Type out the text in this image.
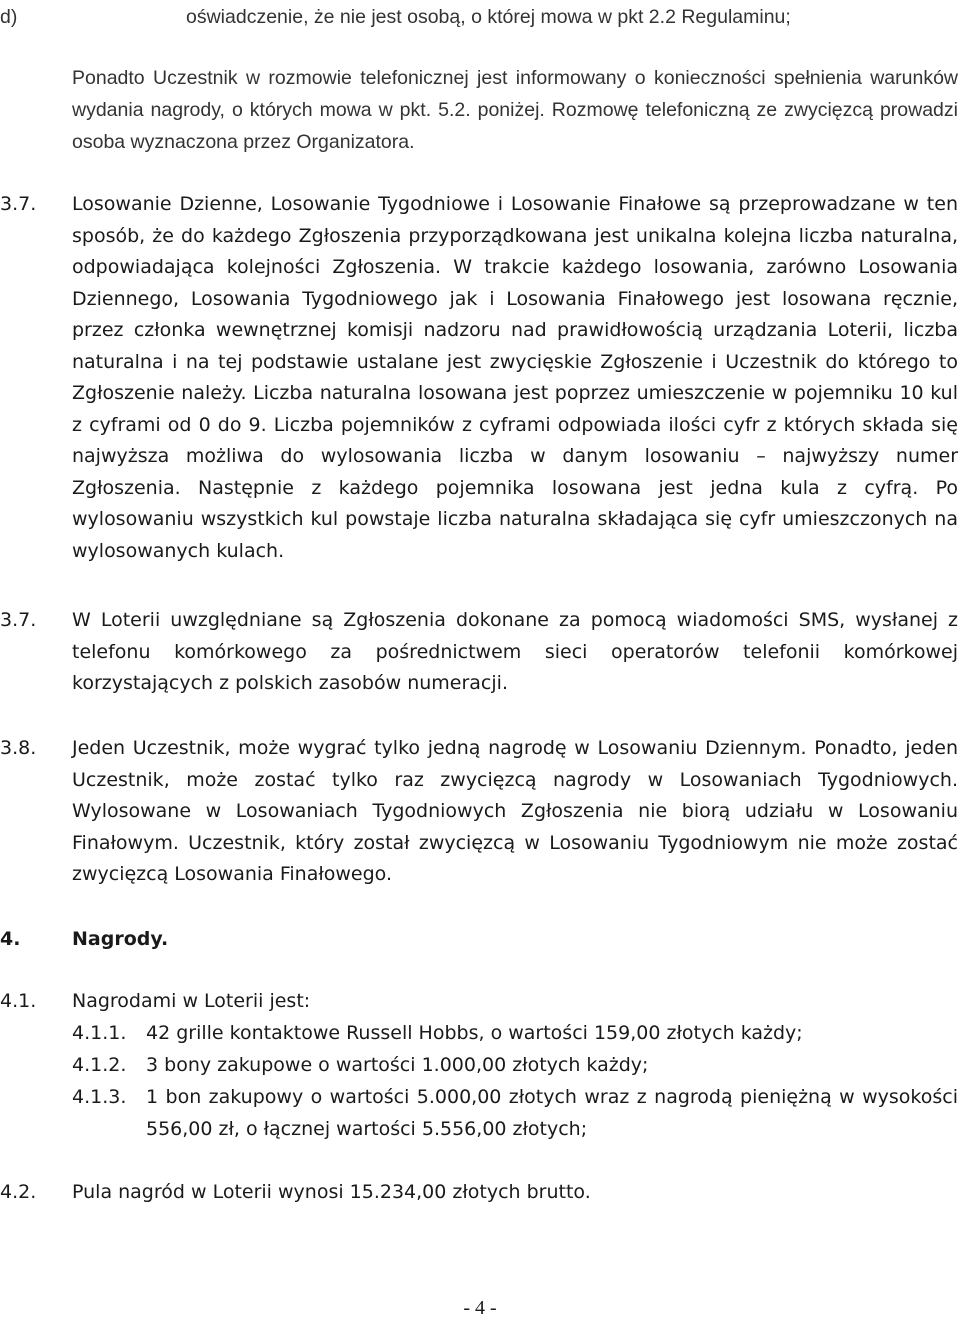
d)	oświadczenie, że nie jest osobą, o której mowa w pkt 2.2 Regulaminu;

Ponadto Uczestnik w rozmowie telefonicznej jest informowany o konieczności spełnienia warunków wydania nagrody, o których mowa w pkt. 5.2. poniżej. Rozmowę telefoniczną ze zwycięzcą prowadzi osoba wyznaczona przez Organizatora.

3.7. Losowanie Dzienne, Losowanie Tygodniowe i Losowanie Finałowe są przeprowadzane w ten sposób, że do każdego Zgłoszenia przyporządkowana jest unikalna kolejna liczba naturalna, odpowiadająca kolejności Zgłoszenia. W trakcie każdego losowania, zarówno Losowania Dziennego, Losowania Tygodniowego jak i Losowania Finałowego jest losowana ręcznie, przez członka wewnętrznej komisji nadzoru nad prawidłowością urządzania Loterii, liczba naturalna i na tej podstawie ustalane jest zwycięskie Zgłoszenie i Uczestnik do którego to Zgłoszenie należy. Liczba naturalna losowana jest poprzez umieszczenie w pojemniku 10 kul z cyframi od 0 do 9. Liczba pojemników z cyframi odpowiada ilości cyfr z których składa się najwyższa możliwa do wylosowania liczba w danym losowaniu – najwyższy numer Zgłoszenia. Następnie z każdego pojemnika losowana jest jedna kula z cyfrą. Po wylosowaniu wszystkich kul powstaje liczba naturalna składająca się cyfr umieszczonych na wylosowanych kulach.

3.7. W Loterii uwzględniane są Zgłoszenia dokonane za pomocą wiadomości SMS, wysłanej z telefonu komórkowego za pośrednictwem sieci operatorów telefonii komórkowej korzystających z polskich zasobów numeracji.

3.8. Jeden Uczestnik, może wygrać tylko jedną nagrodę w Losowaniu Dziennym. Ponadto, jeden Uczestnik, może zostać tylko raz zwycięzcą nagrody w Losowaniach Tygodniowych. Wylosowane w Losowaniach Tygodniowych Zgłoszenia nie biorą udziału w Losowaniu Finałowym. Uczestnik, który został zwycięzcą w Losowaniu Tygodniowym nie może zostać zwycięzcą Losowania Finałowego.

4.	Nagrody.
4.1. Nagrodami w Loterii jest:
4.1.1. 42 grille kontaktowe Russell Hobbs, o wartości 159,00 złotych każdy;
4.1.2. 3 bony zakupowe o wartości 1.000,00 złotych każdy;
4.1.3. 1 bon zakupowy o wartości 5.000,00 złotych wraz z nagrodą pieniężną w wysokości 556,00 zł, o łącznej wartości 5.556,00 złotych;
4.2. Pula nagród w Loterii wynosi 15.234,00 złotych brutto.
- 4 -
